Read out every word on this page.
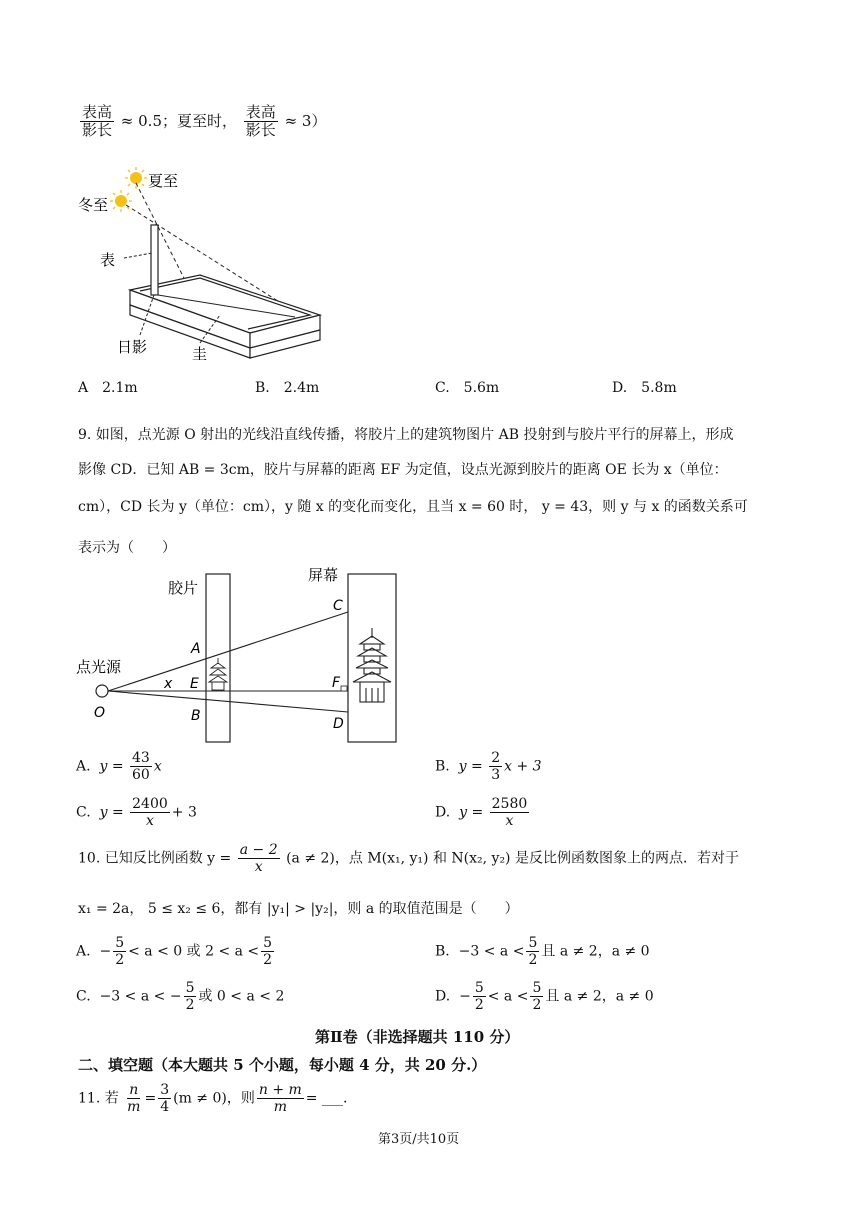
$\frac{\text{表高}}{\text{影长}} \approx 0.5$；夏至时， $\frac{\text{表高}}{\text{影长}} \approx 3$）
夏至
冬至
表
日影	圭
A　2.1m	B.　2.4m	C.　5.6m	D.　5.8m
9. 如图，点光源 O 射出的光线沿直线传播，将胶片上的建筑物图片 AB 投射到与胶片平行的屏幕上，形成
影像 CD．已知 AB = 3cm，胶片与屏幕的距离 EF 为定值，设点光源到胶片的距离 OE 长为 x（单位：
cm），CD 长为 y（单位：cm），y 随 x 的变化而变化，且当 x = 60 时， y = 43，则 y 与 x 的函数关系可
表示为（　　）
胶片
屏幕
点光源
O
x
A
B
E
C
D
F
A. $y = \frac{43}{60}$ x	B. $y = \frac{2}{3}$ x + 3
C. $y = \frac{2400}{x} + 3$	D. $y = \frac{2580}{x}$
10. 已知反比例函数 $y = \frac{a - 2}{x} (a \ne 2)$，点 M(x₁, y₁) 和 N(x₂, y₂) 是反比例函数图象上的两点．若对于
x₁ = 2a， 5 ≤ x₂ ≤ 6，都有 |y₁| > |y₂|，则 a 的取值范围是（　　）
A. − $\frac{5}{2} < a < 0$ 或 $2 < a < \frac{5}{2}$	B. $-3 < a < \frac{5}{2}$ 且 a ≠ 2，a ≠ 0
C. −3 < a < − $\frac{5}{2}$ 或 0 < a < 2	D. − $\frac{5}{2} < a < \frac{5}{2}$ 且 a ≠ 2，a ≠ 0
第Ⅱ卷（非选择题共 110 分）
二、填空题（本大题共 5 个小题，每小题 4 分，共 20 分.）
11. 若 $\frac{n}{m} = \frac{3}{4} (m \ne 0)$，则 $\frac{n + m}{m}$ = ___.
第3页/共10页
